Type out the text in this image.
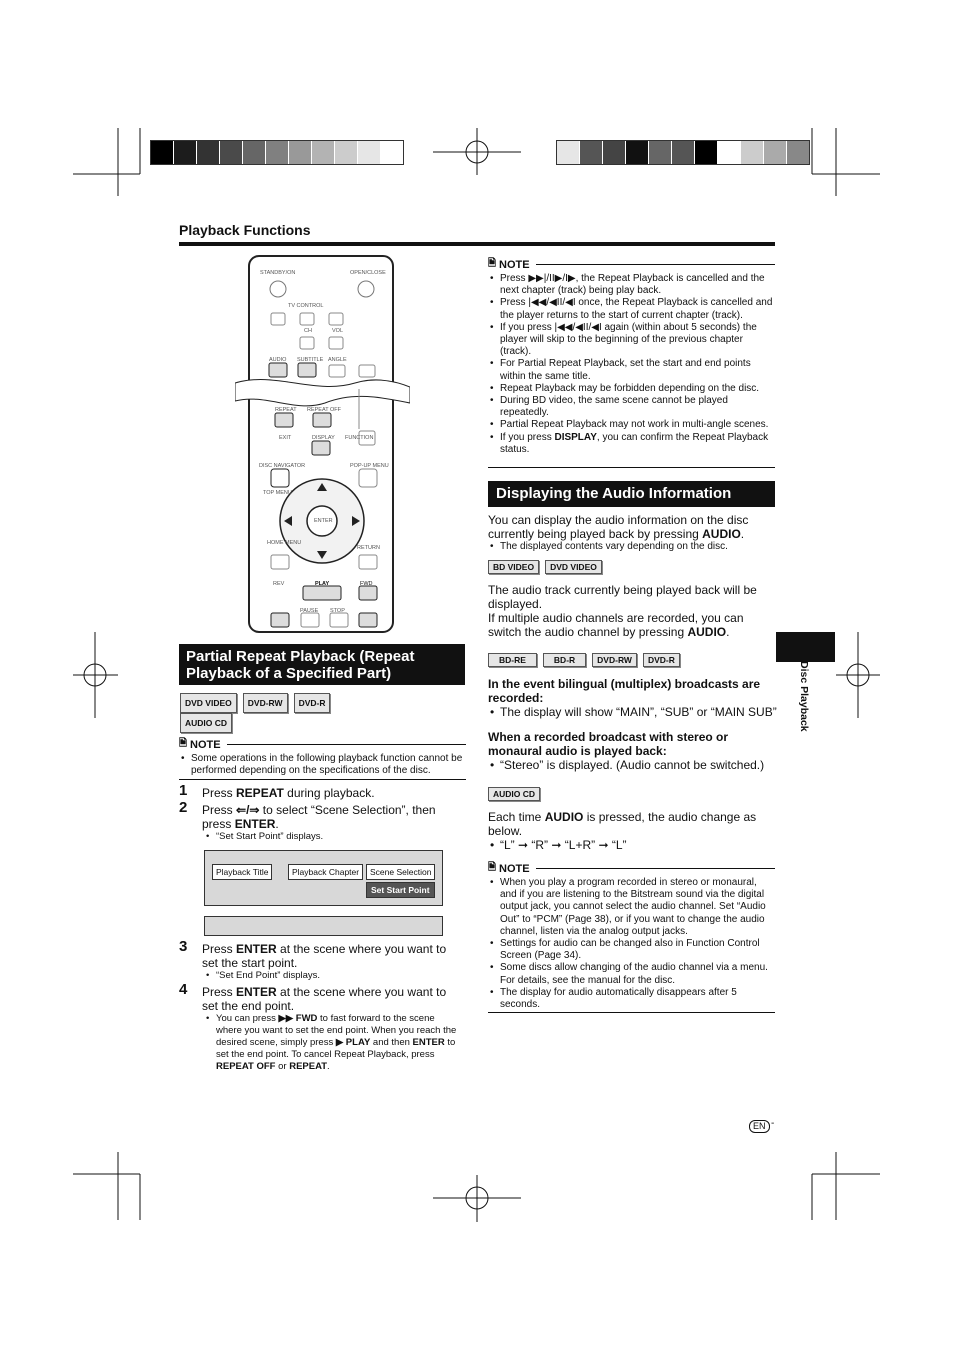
Playback Functions
Disc Playback
STANDBY/ON	OPEN/CLOSE
TV CONTROL
CH	VOL
AUDIO SUBTITLE ANGLE
REPEAT REPEAT OFF
EXIT	DISPLAY FUNCTION
DISC NAVIGATOR	POP-UP MENU
TOP MENU
ENTER
HOME MENU
RETURN
REV	PLAY	FWD
PAUSE STOP
Partial Repeat Playback (Repeat
Playback of a Specified Part)
DVD VIDEO DVD-RW DVD-R
AUDIO CD
🗎 NOTE

• Some operations in the following playback function cannot be performed depending on the specifications of the disc.

1 Press REPEAT during playback.
2 Press ⇐/⇒ to select “Scene Selection”, then press ENTER.
• “Set Start Point” displays.
Playback Title	Playback Chapter	Scene Selection
Set Start Point
3 Press ENTER at the scene where you want to set the start point.
• “Set End Point” displays.
4 Press ENTER at the scene where you want to set the end point.
• You can press ▶▶ FWD to fast forward to the scene where you want to set the end point. When you reach the desired scene, simply press ▶ PLAY and then ENTER to set the end point. To cancel Repeat Playback, press REPEAT OFF or REPEAT.
🗎 NOTE

• Press ▶▶|/II▶/I▶, the Repeat Playback is cancelled and the next chapter (track) being play back.

• Press |◀◀/◀II/◀I once, the Repeat Playback is cancelled and the player returns to the start of current chapter (track).

• If you press |◀◀/◀II/◀I again (within about 5 seconds) the player will skip to the beginning of the previous chapter (track).

• For Partial Repeat Playback, set the start and end points within the same title.

• Repeat Playback may be forbidden depending on the disc.

• During BD video, the same scene cannot be played repeatedly.

• Partial Repeat Playback may not work in multi-angle scenes.

• If you press DISPLAY, you can confirm the Repeat Playback status.

Displaying the Audio Information

You can display the audio information on the disc currently being played back by pressing AUDIO.

• The displayed contents vary depending on the disc.
BD VIDEO DVD VIDEO

The audio track currently being played back will be displayed.

If multiple audio channels are recorded, you can switch the audio channel by pressing AUDIO.

BD-RE	BD-R	DVD-RW DVD-R

In the event bilingual (multiplex) broadcasts are recorded:

• The display will show “MAIN”, “SUB” or “MAIN SUB”

When a recorded broadcast with stereo or monaural audio is played back:

• “Stereo” is displayed. (Audio cannot be switched.)
AUDIO CD

Each time AUDIO is pressed, the audio change as below.

• “L” ➞ “R” ➞ “L+R” ➞ “L”
🗎 NOTE

• When you play a program recorded in stereo or monaural, and if you are listening to the Bitstream sound via the digital output jack, you cannot select the audio channel. Set “Audio Out” to “PCM” (Page 38), or if you want to change the audio channel, listen via the analog output jacks.

• Settings for audio can be changed also in Function Control Screen (Page 34).

• Some discs allow changing of the audio channel via a menu. For details, see the manual for the disc.

• The display for audio automatically disappears after 5 seconds.

EN -
